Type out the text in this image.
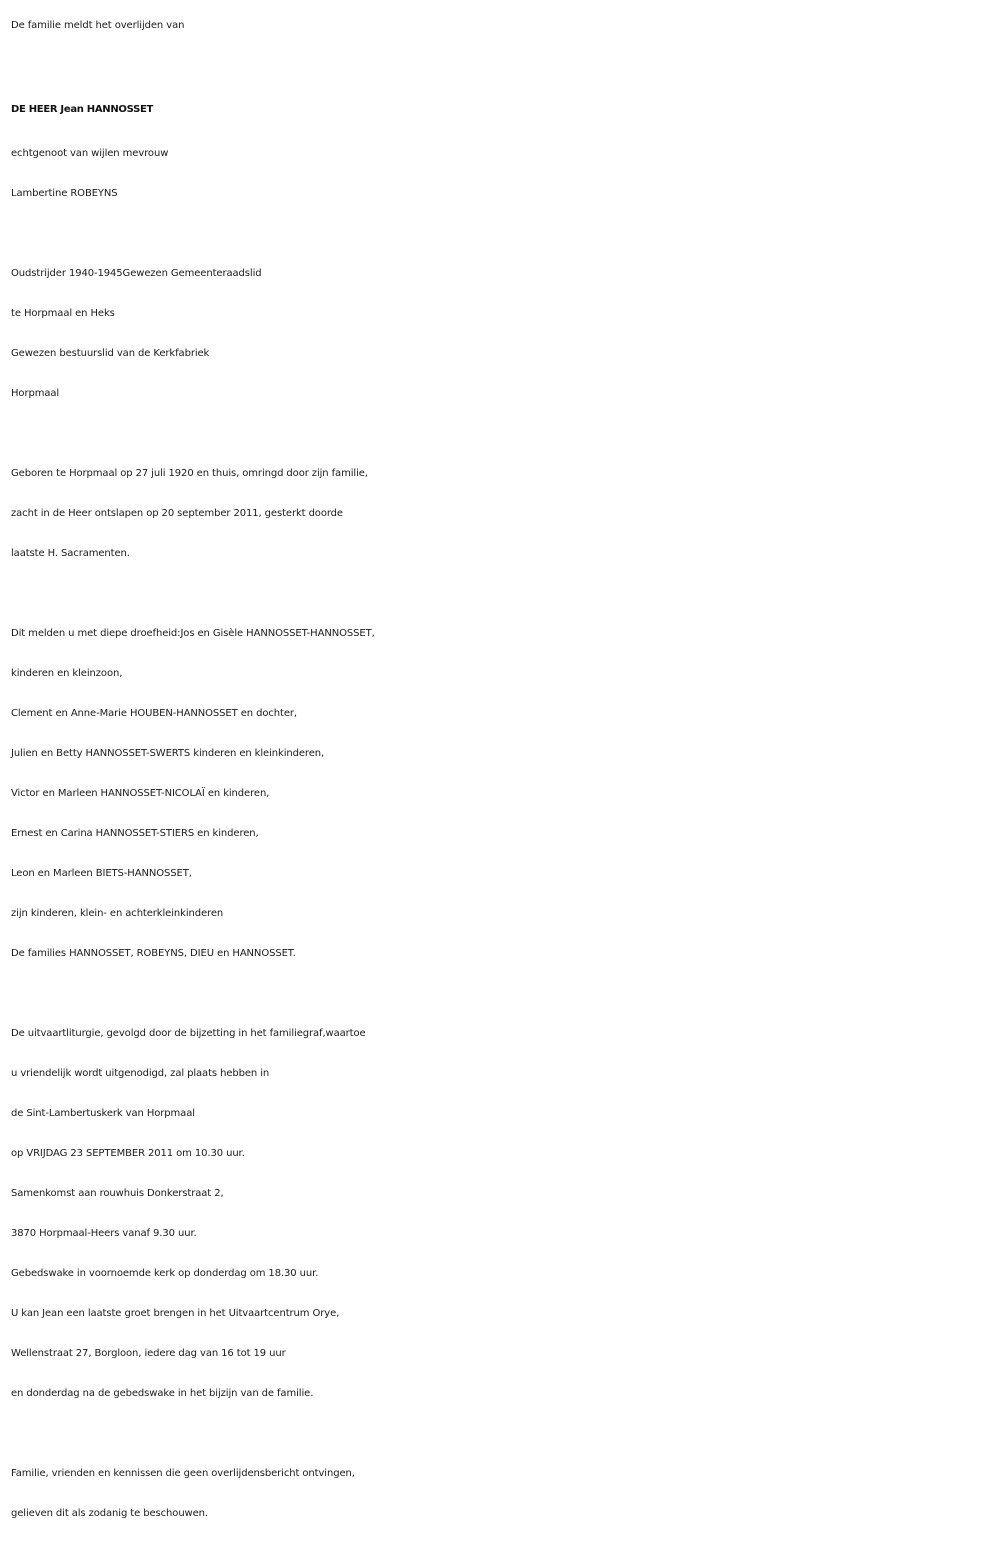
De familie meldt het overlijden van
DE HEER Jean HANNOSSET
echtgenoot van wijlen mevrouw
Lambertine ROBEYNS
Oudstrijder 1940-1945Gewezen Gemeenteraadslid
te Horpmaal en Heks
Gewezen bestuurslid van de Kerkfabriek
Horpmaal
Geboren te Horpmaal op 27 juli 1920 en thuis, omringd door zijn familie,
zacht in de Heer ontslapen op 20 september 2011, gesterkt doorde
laatste H. Sacramenten.
Dit melden u met diepe droefheid:Jos en Gisèle HANNOSSET-HANNOSSET,
kinderen en kleinzoon,
Clement en Anne-Marie HOUBEN-HANNOSSET en dochter,
Julien en Betty HANNOSSET-SWERTS kinderen en kleinkinderen,
Victor en Marleen HANNOSSET-NICOLAÏ en kinderen,
Ernest en Carina HANNOSSET-STIERS en kinderen,
Leon en Marleen BIETS-HANNOSSET,
zijn kinderen, klein- en achterkleinkinderen
De families HANNOSSET, ROBEYNS, DIEU en HANNOSSET.
De uitvaartliturgie, gevolgd door de bijzetting in het familiegraf,waartoe
u vriendelijk wordt uitgenodigd, zal plaats hebben in
de Sint-Lambertuskerk van Horpmaal
op VRIJDAG 23 SEPTEMBER 2011 om 10.30 uur.
Samenkomst aan rouwhuis Donkerstraat 2,
3870 Horpmaal-Heers vanaf 9.30 uur.
Gebedswake in voornoemde kerk op donderdag om 18.30 uur.
U kan Jean een laatste groet brengen in het Uitvaartcentrum Orye,
Wellenstraat 27, Borgloon, iedere dag van 16 tot 19 uur
en donderdag na de gebedswake in het bijzijn van de familie.
Familie, vrienden en kennissen die geen overlijdensbericht ontvingen,
gelieven dit als zodanig te beschouwen.
